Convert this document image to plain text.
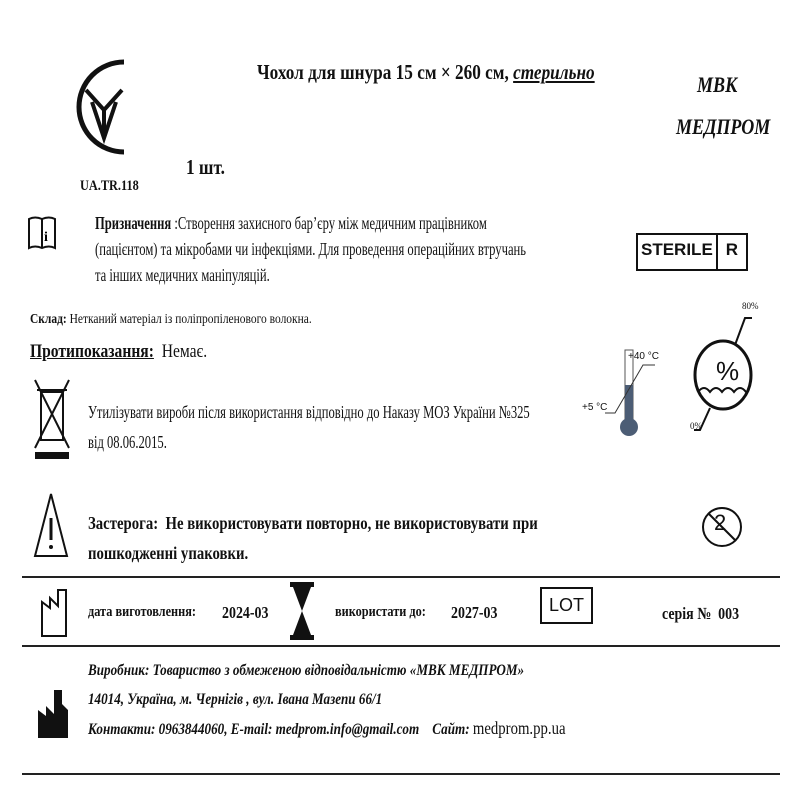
UA.TR.118
Чохол для шнура 15 см × 260 см, стерильно
1 шт.
МВК
МЕДПРОМ
i
Призначення :Створення захисного бар’єру між медичним працівником
(пацієнтом) та мікробами чи інфекціями. Для проведення операційних втручань
та інших медичних маніпуляцій.
Склад: Нетканий матеріал із поліпропіленового волокна.
Протипоказання: Немає.
STERILE R
+40 °C
+5 °C
%
80%
0%
Утилізувати вироби після використання відповідно до Наказу МОЗ України №325
від 08.06.2015.
Застерога: Не використовувати повторно, не використовувати при
пошкодженні упаковки.
2
дата виготовлення: 2024-03	використати до: 2027-03	LOT	серія № 003
Виробник: Товариство з обмеженою відповідальністю «МВК МЕДПРОМ»
14014, Україна, м. Чернігів , вул. Івана Мазепи 66/1
Контакти: 0963844060, E-mail: medprom.info@gmail.com Сайт: medprom.pp.ua
